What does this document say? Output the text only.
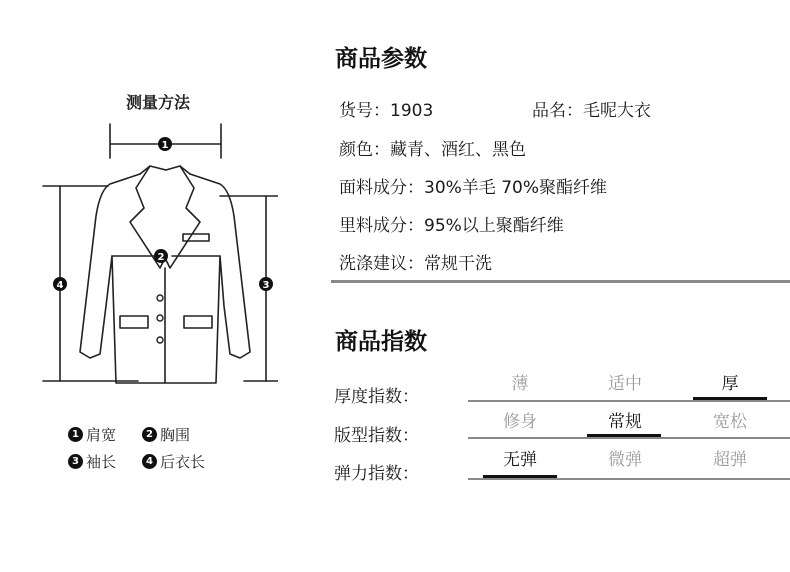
测量方法
1
2
3
4
1 肩宽	2 胸围
3 袖长	4 后衣长
商品参数
货号：1903	品名：毛呢大衣
颜色：藏青、酒红、黑色
面料成分：30%羊毛 70%聚酯纤维
里料成分：95%以上聚酯纤维
洗涤建议：常规干洗
商品指数
厚度指数：
薄	适中	厚
版型指数：
修身	常规	宽松
弹力指数：
无弹	微弹	超弹
